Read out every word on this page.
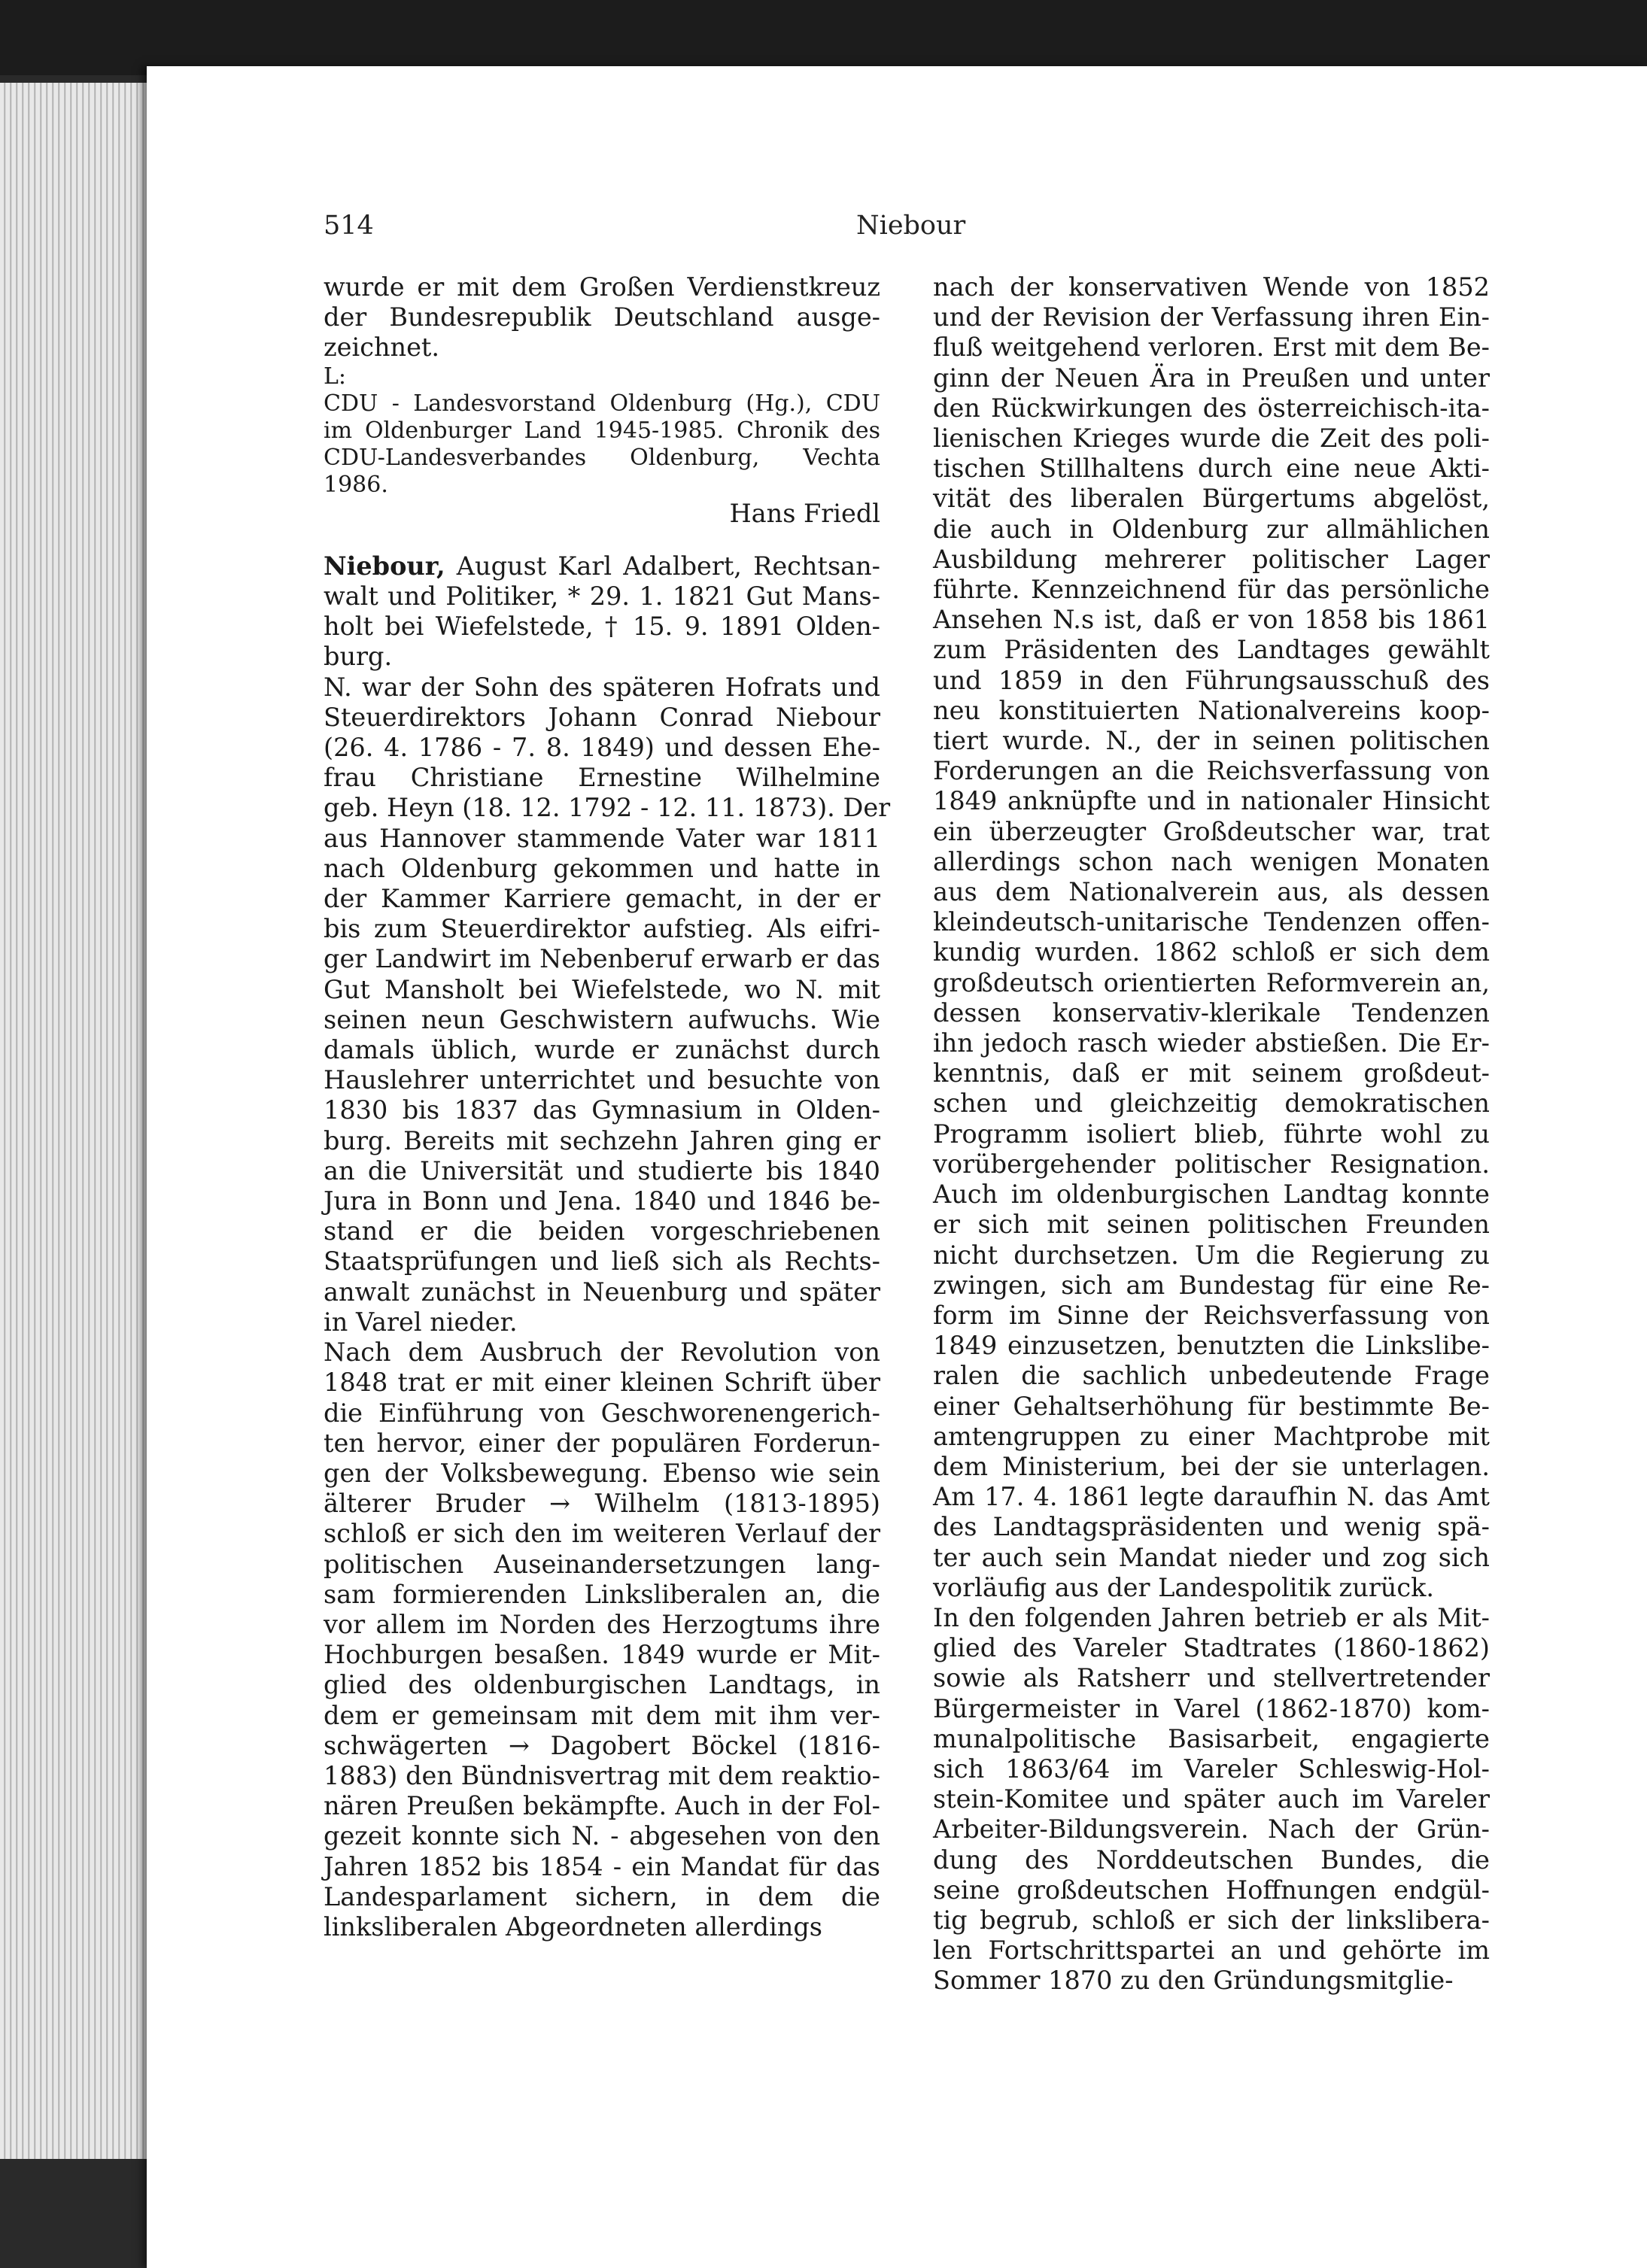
514	Niebour

wurde er mit dem Großen Verdienstkreuz
der Bundesrepublik Deutschland ausge-
zeichnet.

L:

CDU - Landesvorstand Oldenburg (Hg.), CDU
im Oldenburger Land 1945-1985. Chronik des
CDU-Landesverbandes Oldenburg, Vechta
1986.

Hans Friedl

Niebour, August Karl Adalbert, Rechtsan-
walt und Politiker, * 29. 1. 1821 Gut Mans-
holt bei Wiefelstede, † 15. 9. 1891 Olden-
burg.

N. war der Sohn des späteren Hofrats und
Steuerdirektors Johann Conrad Niebour
(26. 4. 1786 - 7. 8. 1849) und dessen Ehe-
frau Christiane Ernestine Wilhelmine
geb. Heyn (18. 12. 1792 - 12. 11. 1873). Der
aus Hannover stammende Vater war 1811
nach Oldenburg gekommen und hatte in
der Kammer Karriere gemacht, in der er
bis zum Steuerdirektor aufstieg. Als eifri-
ger Landwirt im Nebenberuf erwarb er das
Gut Mansholt bei Wiefelstede, wo N. mit
seinen neun Geschwistern aufwuchs. Wie
damals üblich, wurde er zunächst durch
Hauslehrer unterrichtet und besuchte von
1830 bis 1837 das Gymnasium in Olden-
burg. Bereits mit sechzehn Jahren ging er
an die Universität und studierte bis 1840
Jura in Bonn und Jena. 1840 und 1846 be-
stand er die beiden vorgeschriebenen
Staatsprüfungen und ließ sich als Rechts-
anwalt zunächst in Neuenburg und später
in Varel nieder.

Nach dem Ausbruch der Revolution von
1848 trat er mit einer kleinen Schrift über
die Einführung von Geschworenengerich-
ten hervor, einer der populären Forderun-
gen der Volksbewegung. Ebenso wie sein
älterer Bruder → Wilhelm (1813-1895)
schloß er sich den im weiteren Verlauf der
politischen Auseinandersetzungen lang-
sam formierenden Linksliberalen an, die
vor allem im Norden des Herzogtums ihre
Hochburgen besaßen. 1849 wurde er Mit-
glied des oldenburgischen Landtags, in
dem er gemeinsam mit dem mit ihm ver-
schwägerten → Dagobert Böckel (1816-
1883) den Bündnisvertrag mit dem reaktio-
nären Preußen bekämpfte. Auch in der Fol-
gezeit konnte sich N. - abgesehen von den
Jahren 1852 bis 1854 - ein Mandat für das
Landesparlament sichern, in dem die
linksliberalen Abgeordneten allerdings

nach der konservativen Wende von 1852
und der Revision der Verfassung ihren Ein-
fluß weitgehend verloren. Erst mit dem Be-
ginn der Neuen Ära in Preußen und unter
den Rückwirkungen des österreichisch-ita-
lienischen Krieges wurde die Zeit des poli-
tischen Stillhaltens durch eine neue Akti-
vität des liberalen Bürgertums abgelöst,
die auch in Oldenburg zur allmählichen
Ausbildung mehrerer politischer Lager
führte. Kennzeichnend für das persönliche
Ansehen N.s ist, daß er von 1858 bis 1861
zum Präsidenten des Landtages gewählt
und 1859 in den Führungsausschuß des
neu konstituierten Nationalvereins koop-
tiert wurde. N., der in seinen politischen
Forderungen an die Reichsverfassung von
1849 anknüpfte und in nationaler Hinsicht
ein überzeugter Großdeutscher war, trat
allerdings schon nach wenigen Monaten
aus dem Nationalverein aus, als dessen
kleindeutsch-unitarische Tendenzen offen-
kundig wurden. 1862 schloß er sich dem
großdeutsch orientierten Reformverein an,
dessen konservativ-klerikale Tendenzen
ihn jedoch rasch wieder abstießen. Die Er-
kenntnis, daß er mit seinem großdeut-
schen und gleichzeitig demokratischen
Programm isoliert blieb, führte wohl zu
vorübergehender politischer Resignation.
Auch im oldenburgischen Landtag konnte
er sich mit seinen politischen Freunden
nicht durchsetzen. Um die Regierung zu
zwingen, sich am Bundestag für eine Re-
form im Sinne der Reichsverfassung von
1849 einzusetzen, benutzten die Linkslibe-
ralen die sachlich unbedeutende Frage
einer Gehaltserhöhung für bestimmte Be-
amtengruppen zu einer Machtprobe mit
dem Ministerium, bei der sie unterlagen.
Am 17. 4. 1861 legte daraufhin N. das Amt
des Landtagspräsidenten und wenig spä-
ter auch sein Mandat nieder und zog sich
vorläufig aus der Landespolitik zurück.

In den folgenden Jahren betrieb er als Mit-
glied des Vareler Stadtrates (1860-1862)
sowie als Ratsherr und stellvertretender
Bürgermeister in Varel (1862-1870) kom-
munalpolitische Basisarbeit, engagierte
sich 1863/64 im Vareler Schleswig-Hol-
stein-Komitee und später auch im Vareler
Arbeiter-Bildungsverein. Nach der Grün-
dung des Norddeutschen Bundes, die
seine großdeutschen Hoffnungen endgül-
tig begrub, schloß er sich der linkslibera-
len Fortschrittspartei an und gehörte im
Sommer 1870 zu den Gründungsmitglie-
